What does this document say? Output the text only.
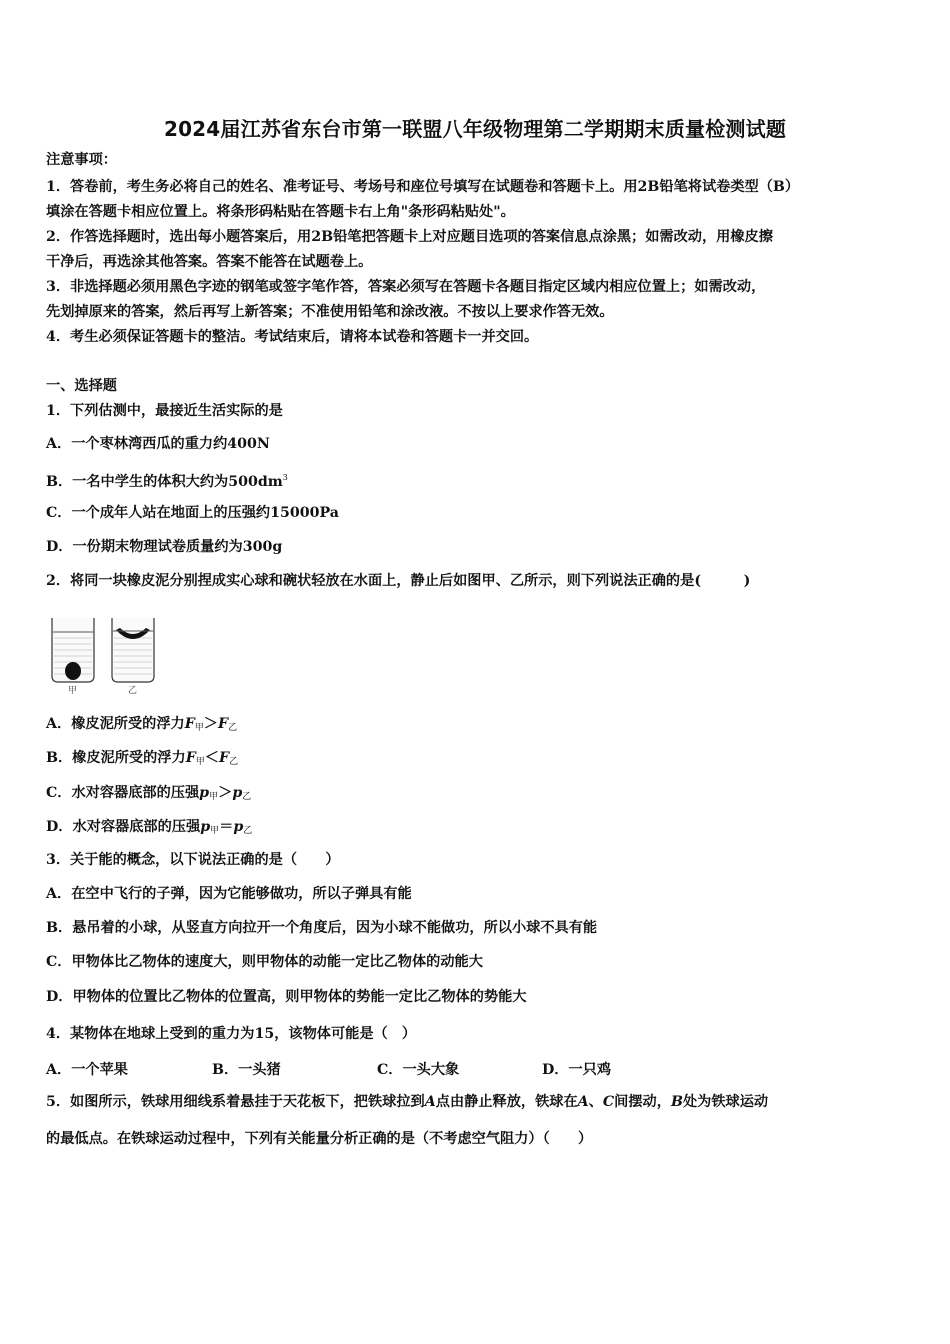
2024届江苏省东台市第一联盟八年级物理第二学期期末质量检测试题
注意事项：
1．答卷前，考生务必将自己的姓名、准考证号、考场号和座位号填写在试题卷和答题卡上。用2B铅笔将试卷类型（B）
填涂在答题卡相应位置上。将条形码粘贴在答题卡右上角"条形码粘贴处"。
2．作答选择题时，选出每小题答案后，用2B铅笔把答题卡上对应题目选项的答案信息点涂黑；如需改动，用橡皮擦
干净后，再选涂其他答案。答案不能答在试题卷上。
3．非选择题必须用黑色字迹的钢笔或签字笔作答，答案必须写在答题卡各题目指定区域内相应位置上；如需改动，
先划掉原来的答案，然后再写上新答案；不准使用铅笔和涂改液。不按以上要求作答无效。
4．考生必须保证答题卡的整洁。考试结束后，请将本试卷和答题卡一并交回。
一、选择题
1．下列估测中，最接近生活实际的是
A．一个枣林湾西瓜的重力约400N
B．一名中学生的体积大约为$500dm^3$
C．一个成年人站在地面上的压强约15000Pa
D．一份期末物理试卷质量约为300g
2．将同一块橡皮泥分别捏成实心球和碗状轻放在水面上，静止后如图甲、乙所示，则下列说法正确的是(　　　)
甲	乙
A．橡皮泥所受的浮力$F_甲>F_乙$
B．橡皮泥所受的浮力$F_甲<F_乙$
C．水对容器底部的压强$p_甲>p_乙$
D．水对容器底部的压强$p_甲=p_乙$
3．关于能的概念，以下说法正确的是（　　）
A．在空中飞行的子弹，因为它能够做功，所以子弹具有能
B．悬吊着的小球，从竖直方向拉开一个角度后，因为小球不能做功，所以小球不具有能
C．甲物体比乙物体的速度大，则甲物体的动能一定比乙物体的动能大
D．甲物体的位置比乙物体的位置高，则甲物体的势能一定比乙物体的势能大
4．某物体在地球上受到的重力为15，该物体可能是（　）
A．一个苹果	B．一头猪	C．一头大象	D．一只鸡
5．如图所示，铁球用细线系着悬挂于天花板下，把铁球拉到A点由静止释放，铁球在A、C间摆动，B处为铁球运动
的最低点。在铁球运动过程中，下列有关能量分析正确的是（不考虑空气阻力）（　　）
